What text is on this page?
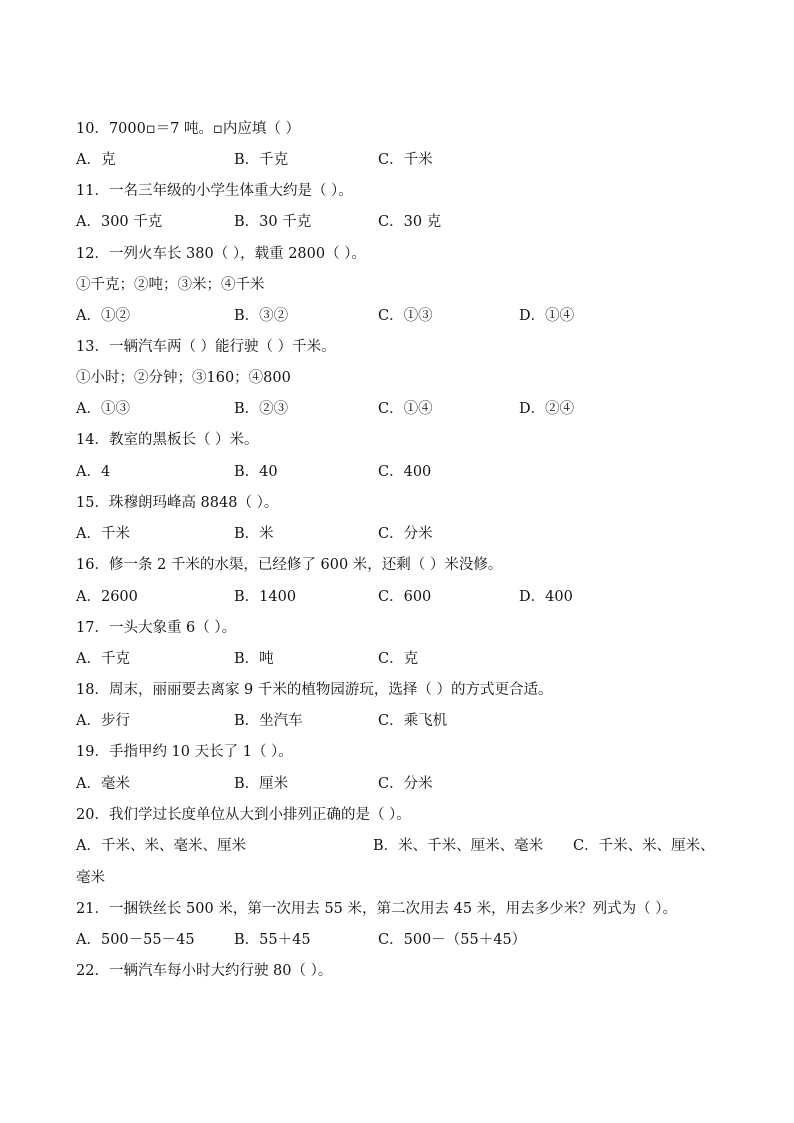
10．7000▫＝7 吨。▫内应填（ ）
A．克	B．千克	C．千米
11．一名三年级的小学生体重大约是（ ）。
A．300 千克	B．30 千克	C．30 克
12．一列火车长 380（ ），载重 2800（ ）。
①千克；②吨；③米；④千米
A．①②	B．③②	C．①③	D．①④
13．一辆汽车两（ ）能行驶（ ）千米。
①小时；②分钟；③160；④800
A．①③	B．②③	C．①④	D．②④
14．教室的黑板长（ ）米。
A．4	B．40	C．400
15．珠穆朗玛峰高 8848（ ）。
A．千米	B．米	C．分米
16．修一条 2 千米的水渠，已经修了 600 米，还剩（ ）米没修。
A．2600	B．1400	C．600	D．400
17．一头大象重 6（ ）。
A．千克	B．吨	C．克
18．周末，丽丽要去离家 9 千米的植物园游玩，选择（ ）的方式更合适。
A．步行	B．坐汽车	C．乘飞机
19．手指甲约 10 天长了 1（ ）。
A．毫米	B．厘米	C．分米
20．我们学过长度单位从大到小排列正确的是（ ）。
A．千米、米、毫米、厘米	B．米、千米、厘米、毫米 C．千米、米、厘米、
毫米
21．一捆铁丝长 500 米，第一次用去 55 米，第二次用去 45 米，用去多少米？列式为（ ）。
A．500－55－45	B．55＋45	C．500－（55＋45）
22．一辆汽车每小时大约行驶 80（ ）。
